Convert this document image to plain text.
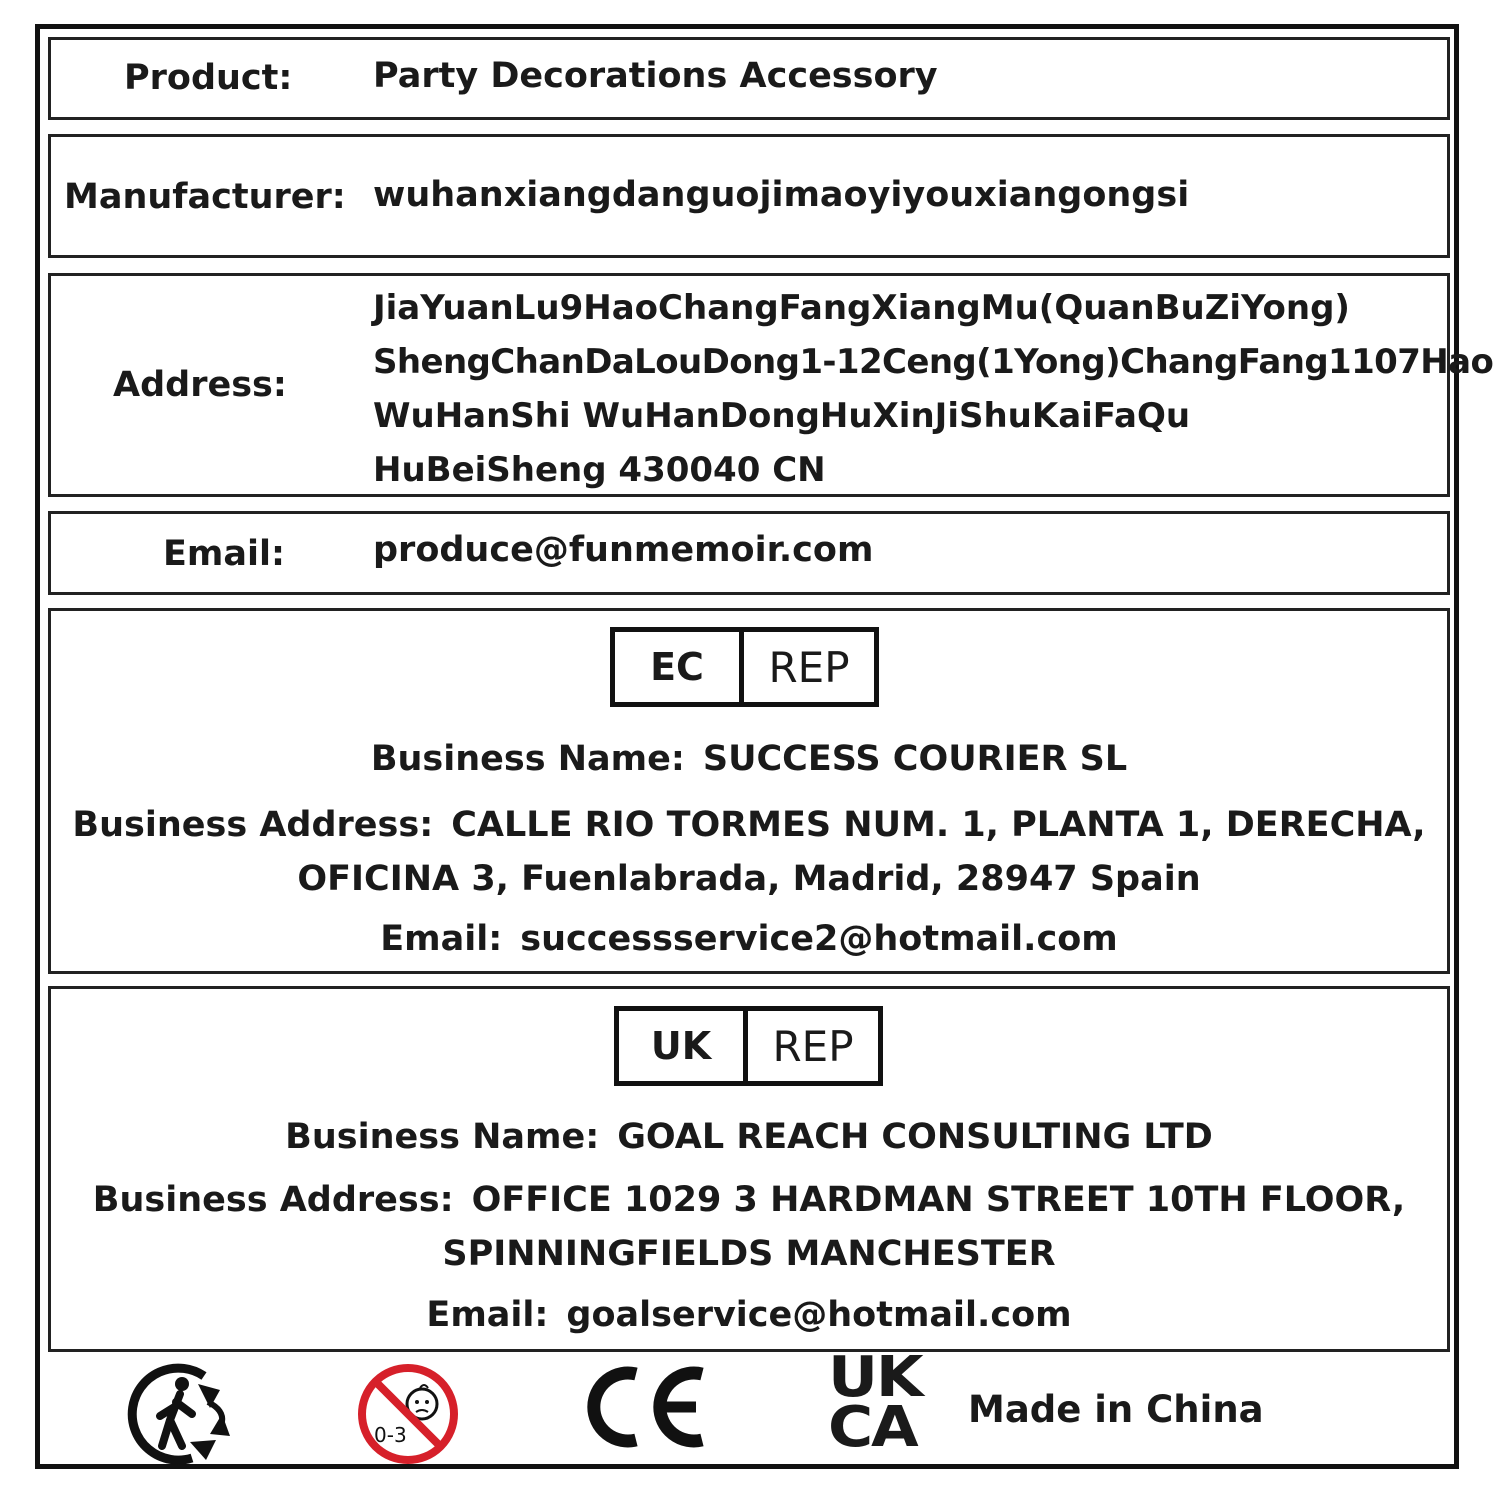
Product: Party Decorations Accessory
Manufacturer: wuhanxiangdanguojimaoyiyouxiangongsi
Address:
JiaYuanLu9HaoChangFangXiangMu(QuanBuZiYong)
ShengChanDaLouDong1-12Ceng(1Yong)ChangFang1107Hao
WuHanShi WuHanDongHuXinJiShuKaiFaQu
HuBeiSheng 430040 CN
Email:	produce@funmemoir.com
EC	REP
Business Name: SUCCESS COURIER SL
Business Address: CALLE RIO TORMES NUM. 1, PLANTA 1, DERECHA,
OFICINA 3, Fuenlabrada, Madrid, 28947 Spain
Email: successservice2@hotmail.com
UK	REP
Business Name: GOAL REACH CONSULTING LTD
Business Address: OFFICE 1029 3 HARDMAN STREET 10TH FLOOR,
SPINNINGFIELDS MANCHESTER
Email: goalservice@hotmail.com
0-3
UK
CA Made in China
